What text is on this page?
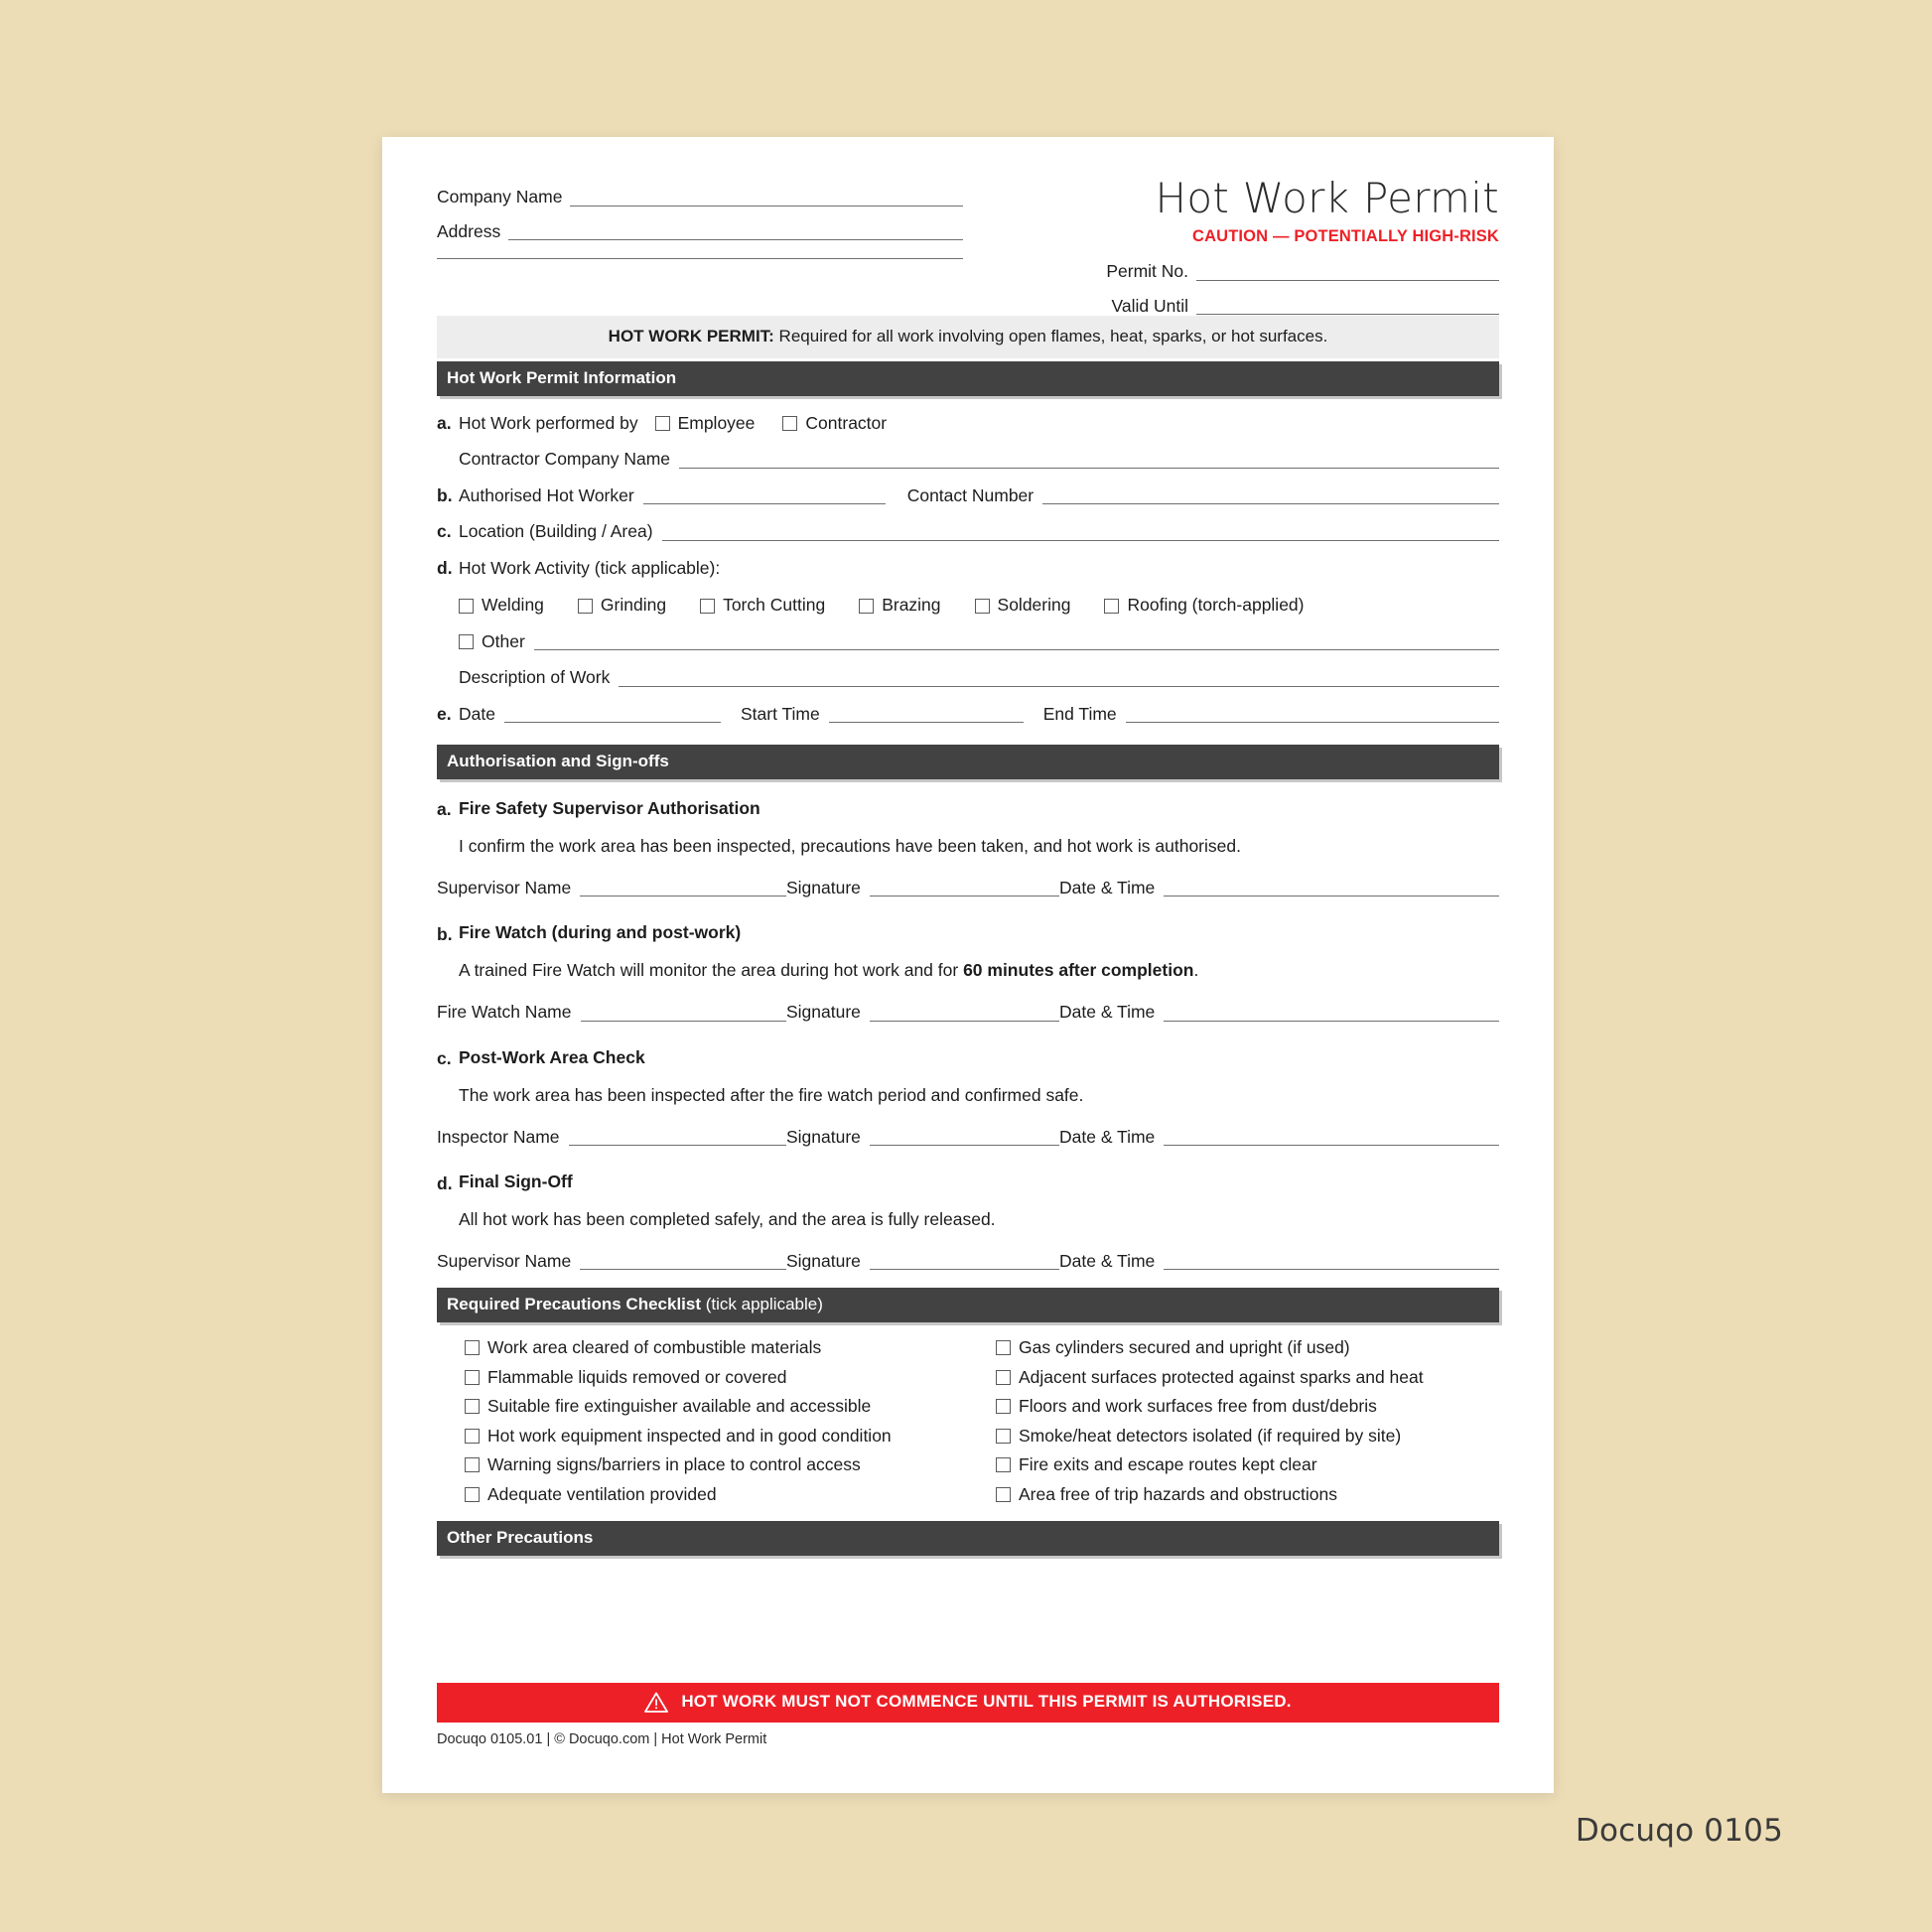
Company Name
Address
Hot Work Permit
CAUTION — POTENTIALLY HIGH-RISK
Permit No.
Valid Until
HOT WORK PERMIT: Required for all work involving open flames, heat, sparks, or hot surfaces.
Hot Work Permit Information
a. Hot Work performed by	Employee	Contractor
Contractor Company Name
b. Authorised Hot Worker	Contact Number
c. Location (Building / Area)
d. Hot Work Activity (tick applicable):
Welding	Grinding	Torch Cutting	Brazing	Soldering	Roofing (torch-applied)
Other
Description of Work
e. Date	Start Time	End Time
Authorisation and Sign-offs
a. Fire Safety Supervisor Authorisation
I confirm the work area has been inspected, precautions have been taken, and hot work is authorised.
Supervisor Name	Signature	Date & Time
b. Fire Watch (during and post-work)
A trained Fire Watch will monitor the area during hot work and for 60 minutes after completion.
Fire Watch Name	Signature	Date & Time
c. Post-Work Area Check
The work area has been inspected after the fire watch period and confirmed safe.
Inspector Name	Signature	Date & Time
d. Final Sign-Off
All hot work has been completed safely, and the area is fully released.
Supervisor Name	Signature	Date & Time
Required Precautions Checklist (tick applicable)
Work area cleared of combustible materials

Flammable liquids removed or covered

Suitable fire extinguisher available and accessible

Hot work equipment inspected and in good condition

Warning signs/barriers in place to control access

Adequate ventilation provided
Gas cylinders secured and upright (if used)

Adjacent surfaces protected against sparks and heat

Floors and work surfaces free from dust/debris

Smoke/heat detectors isolated (if required by site)

Fire exits and escape routes kept clear

Area free of trip hazards and obstructions
Other Precautions
HOT WORK MUST NOT COMMENCE UNTIL THIS PERMIT IS AUTHORISED.
Docuqo 0105.01 | © Docuqo.com | Hot Work Permit
Docuqo 0105
